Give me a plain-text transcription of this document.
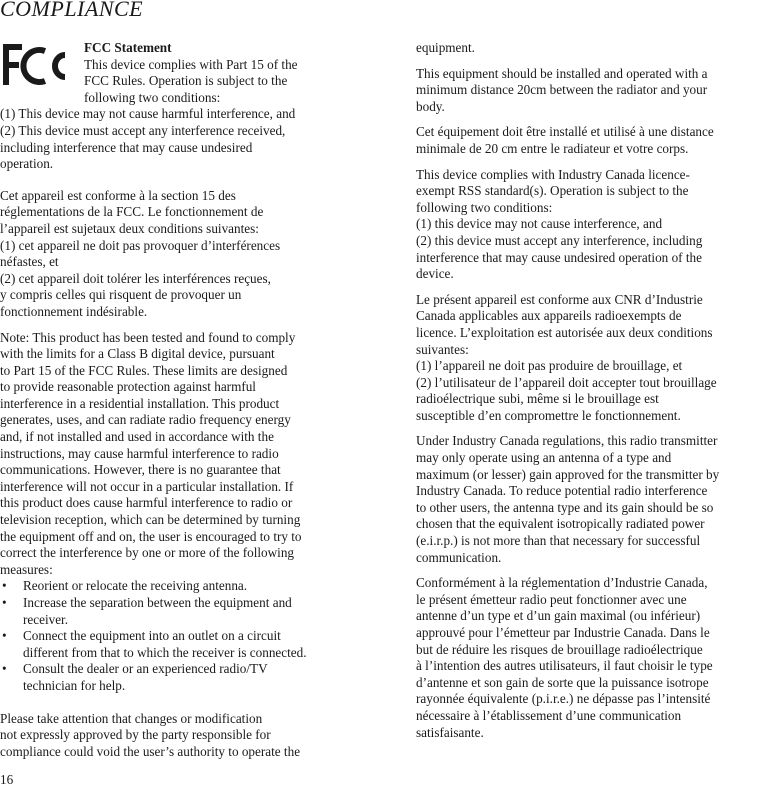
COMPLIANCE
FCC Statement
This device complies with Part 15 of the
FCC Rules. Operation is subject to the
following two conditions:

(1) This device may not cause harmful interference, and
(2) This device must accept any interference received,
including interference that may cause undesired
operation.

Cet appareil est conforme à la section 15 des
réglementations de la FCC. Le fonctionnement de
l’appareil est sujetaux deux conditions suivantes:
(1) cet appareil ne doit pas provoquer d’interférences
néfastes, et
(2) cet appareil doit tolérer les interférences reçues,
y compris celles qui risquent de provoquer un
fonctionnement indésirable.

Note: This product has been tested and found to comply
with the limits for a Class B digital device, pursuant
to Part 15 of the FCC Rules. These limits are designed
to provide reasonable protection against harmful
interference in a residential installation. This product
generates, uses, and can radiate radio frequency energy
and, if not installed and used in accordance with the
instructions, may cause harmful interference to radio
communications. However, there is no guarantee that
interference will not occur in a particular installation. If
this product does cause harmful interference to radio or
television reception, which can be determined by turning
the equipment off and on, the user is encouraged to try to
correct the interference by one or more of the following
measures:

• Reorient or relocate the receiving antenna.
• Increase the separation between the equipment and
receiver.
• Connect the equipment into an outlet on a circuit
different from that to which the receiver is connected.
• Consult the dealer or an experienced radio/TV
technician for help.

Please take attention that changes or modification
not expressly approved by the party responsible for
compliance could void the user’s authority to operate the

equipment.

This equipment should be installed and operated with a
minimum distance 20cm between the radiator and your
body.

Cet équipement doit être installé et utilisé à une distance
minimale de 20 cm entre le radiateur et votre corps.

This device complies with Industry Canada licence-
exempt RSS standard(s). Operation is subject to the
following two conditions:
(1) this device may not cause interference, and
(2) this device must accept any interference, including
interference that may cause undesired operation of the
device.

Le présent appareil est conforme aux CNR d’Industrie
Canada applicables aux appareils radioexempts de
licence. L’exploitation est autorisée aux deux conditions
suivantes:
(1) l’appareil ne doit pas produire de brouillage, et
(2) l’utilisateur de l’appareil doit accepter tout brouillage
radioélectrique subi, même si le brouillage est
susceptible d’en compromettre le fonctionnement.

Under Industry Canada regulations, this radio transmitter
may only operate using an antenna of a type and
maximum (or lesser) gain approved for the transmitter by
Industry Canada. To reduce potential radio interference
to other users, the antenna type and its gain should be so
chosen that the equivalent isotropically radiated power
(e.i.r.p.) is not more than that necessary for successful
communication.

Conformément à la réglementation d’Industrie Canada,
le présent émetteur radio peut fonctionner avec une
antenne d’un type et d’un gain maximal (ou inférieur)
approuvé pour l’émetteur par Industrie Canada. Dans le
but de réduire les risques de brouillage radioélectrique
à l’intention des autres utilisateurs, il faut choisir le type
d’antenne et son gain de sorte que la puissance isotrope
rayonnée équivalente (p.i.r.e.) ne dépasse pas l’intensité
nécessaire à l’établissement d’une communication
satisfaisante.

16
